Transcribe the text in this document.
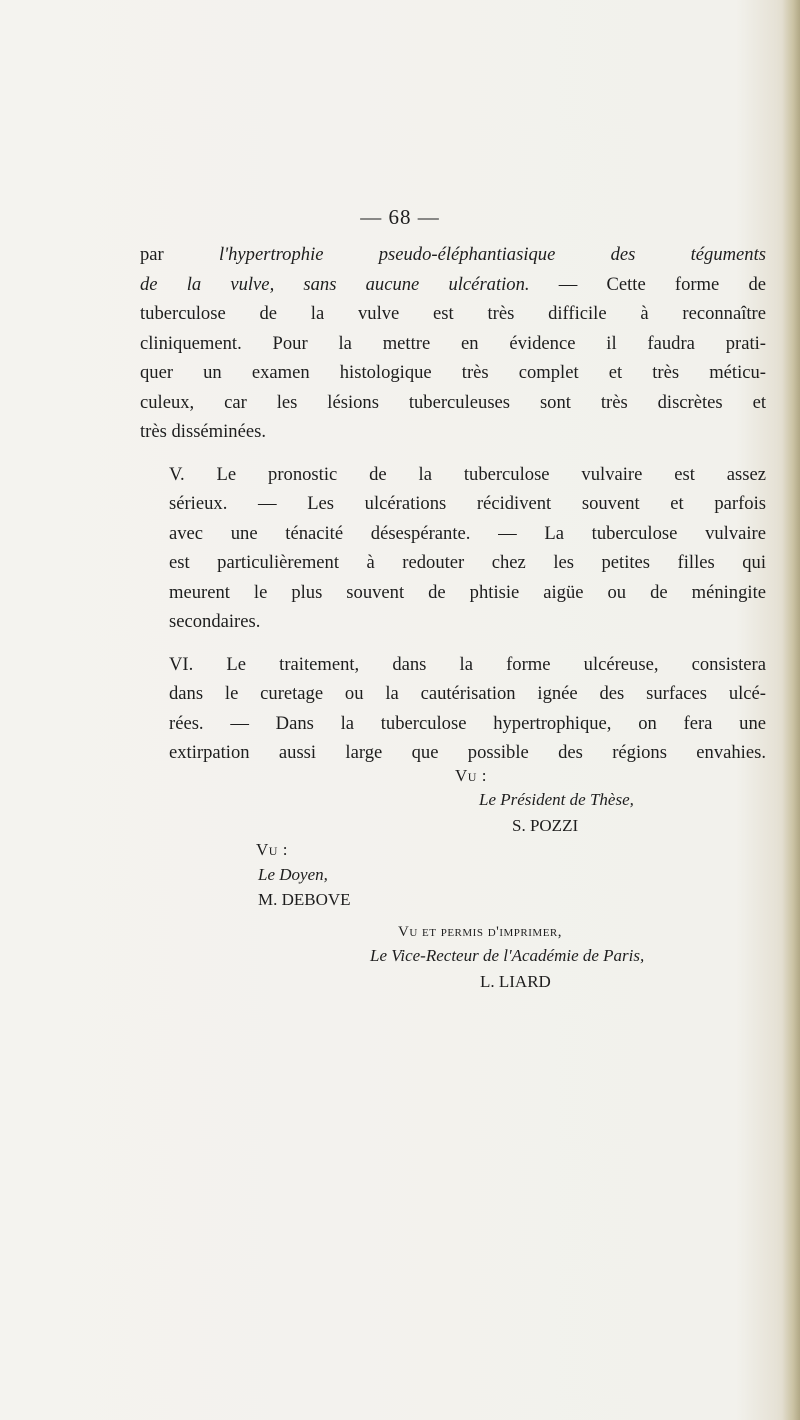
— 68 —

par l'hypertrophie pseudo-éléphantiasique des téguments
de la vulve, sans aucune ulcération. — Cette forme de
tuberculose de la vulve est très difficile à reconnaître
cliniquement. Pour la mettre en évidence il faudra prati-
quer un examen histologique très complet et très méticu-
culeux, car les lésions tuberculeuses sont très discrètes et
très disséminées.

V. Le pronostic de la tuberculose vulvaire est assez
sérieux. — Les ulcérations récidivent souvent et parfois
avec une ténacité désespérante. — La tuberculose vulvaire
est particulièrement à redouter chez les petites filles qui
meurent le plus souvent de phtisie aigüe ou de méningite
secondaires.

VI. Le traitement, dans la forme ulcéreuse, consistera
dans le curetage ou la cautérisation ignée des surfaces ulcé-
rées. — Dans la tuberculose hypertrophique, on fera une
extirpation aussi large que possible des régions envahies.

Vu :
Le Président de Thèse,
S. POZZI
Vu :
Le Doyen,
M. DEBOVE
Vu et permis d'imprimer,
Le Vice-Recteur de l'Académie de Paris,
L. LIARD
